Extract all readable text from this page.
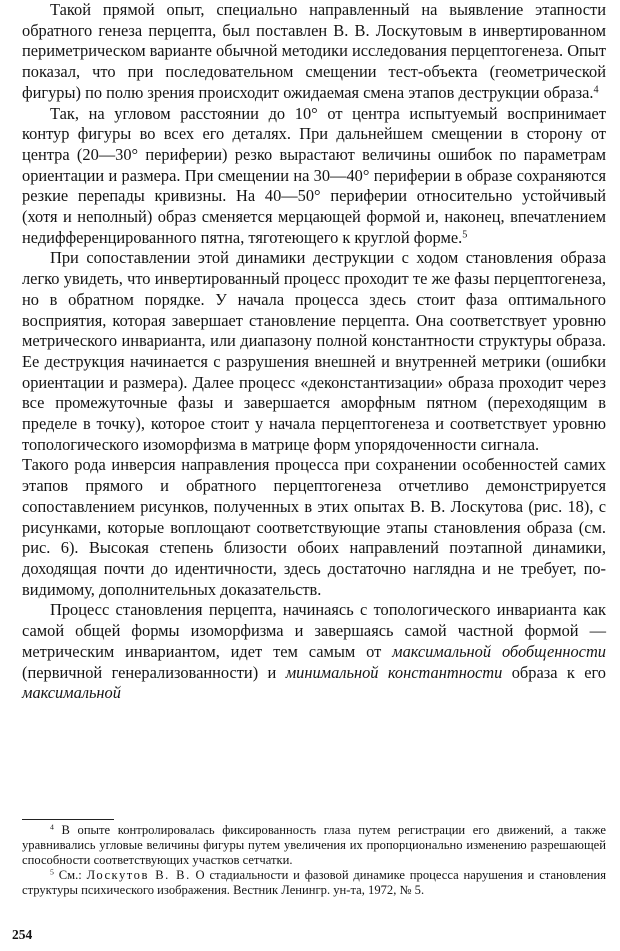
Такой прямой опыт, специально направленный на выявление этапности обратного генеза перцепта, был поставлен В. В. Лоскутовым в инвертированном периметрическом варианте обычной методики исследования перцептогенеза. Опыт показал, что при последовательном смещении тест-объекта (геометрической фигуры) по полю зрения происходит ожидаемая смена этапов деструкции образа.$^4$

Так, на угловом расстоянии до 10° от центра испытуемый воспринимает контур фигуры во всех его деталях. При дальнейшем смещении в сторону от центра (20—30° периферии) резко вырастают величины ошибок по параметрам ориентации и размера. При смещении на 30—40° периферии в образе сохраняются резкие перепады кривизны. На 40—50° периферии относительно устойчивый (хотя и неполный) образ сменяется мерцающей формой и, наконец, впечатлением недифференцированного пятна, тяготеющего к круглой форме.$^5$

При сопоставлении этой динамики деструкции с ходом становления образа легко увидеть, что инвертированный процесс проходит те же фазы перцептогенеза, но в обратном порядке. У начала процесса здесь стоит фаза оптимального восприятия, которая завершает становление перцепта. Она соответствует уровню метрического инварианта, или диапазону полной константности структуры образа. Ее деструкция начинается с разрушения внешней и внутренней метрики (ошибки ориентации и размера). Далее процесс «деконстантизации» образа проходит через все промежуточные фазы и завершается аморфным пятном (переходящим в пределе в точку), которое стоит у начала перцептогенеза и соответствует уровню топологического изоморфизма в матрице форм упорядоченности сигнала.

Такого рода инверсия направления процесса при сохранении особенностей самих этапов прямого и обратного перцептогенеза отчетливо демонстрируется сопоставлением рисунков, полученных в этих опытах В. В. Лоскутова (рис. 18), с рисунками, которые воплощают соответствующие этапы становления образа (см. рис. 6). Высокая степень близости обоих направлений поэтапной динамики, доходящая почти до идентичности, здесь достаточно наглядна и не требует, по-видимому, дополнительных доказательств.

Процесс становления перцепта, начинаясь с топологического инварианта как самой общей формы изоморфизма и завершаясь самой частной формой — метрическим инвариантом, идет тем самым от максимальной обобщенности (первичной генерализованности) и минимальной константности образа к его максимальной

$^4$ В опыте контролировалась фиксированность глаза путем регистрации его движений, а также уравнивались угловые величины фигуры путем увеличения их пропорционально изменению разрешающей способности соответствующих участков сетчатки.

$^5$ См.: Лоскутов В. В. О стадиальности и фазовой динамике процесса нарушения и становления структуры психического изображения. Вестник Ленингр. ун-та, 1972, № 5.

254
